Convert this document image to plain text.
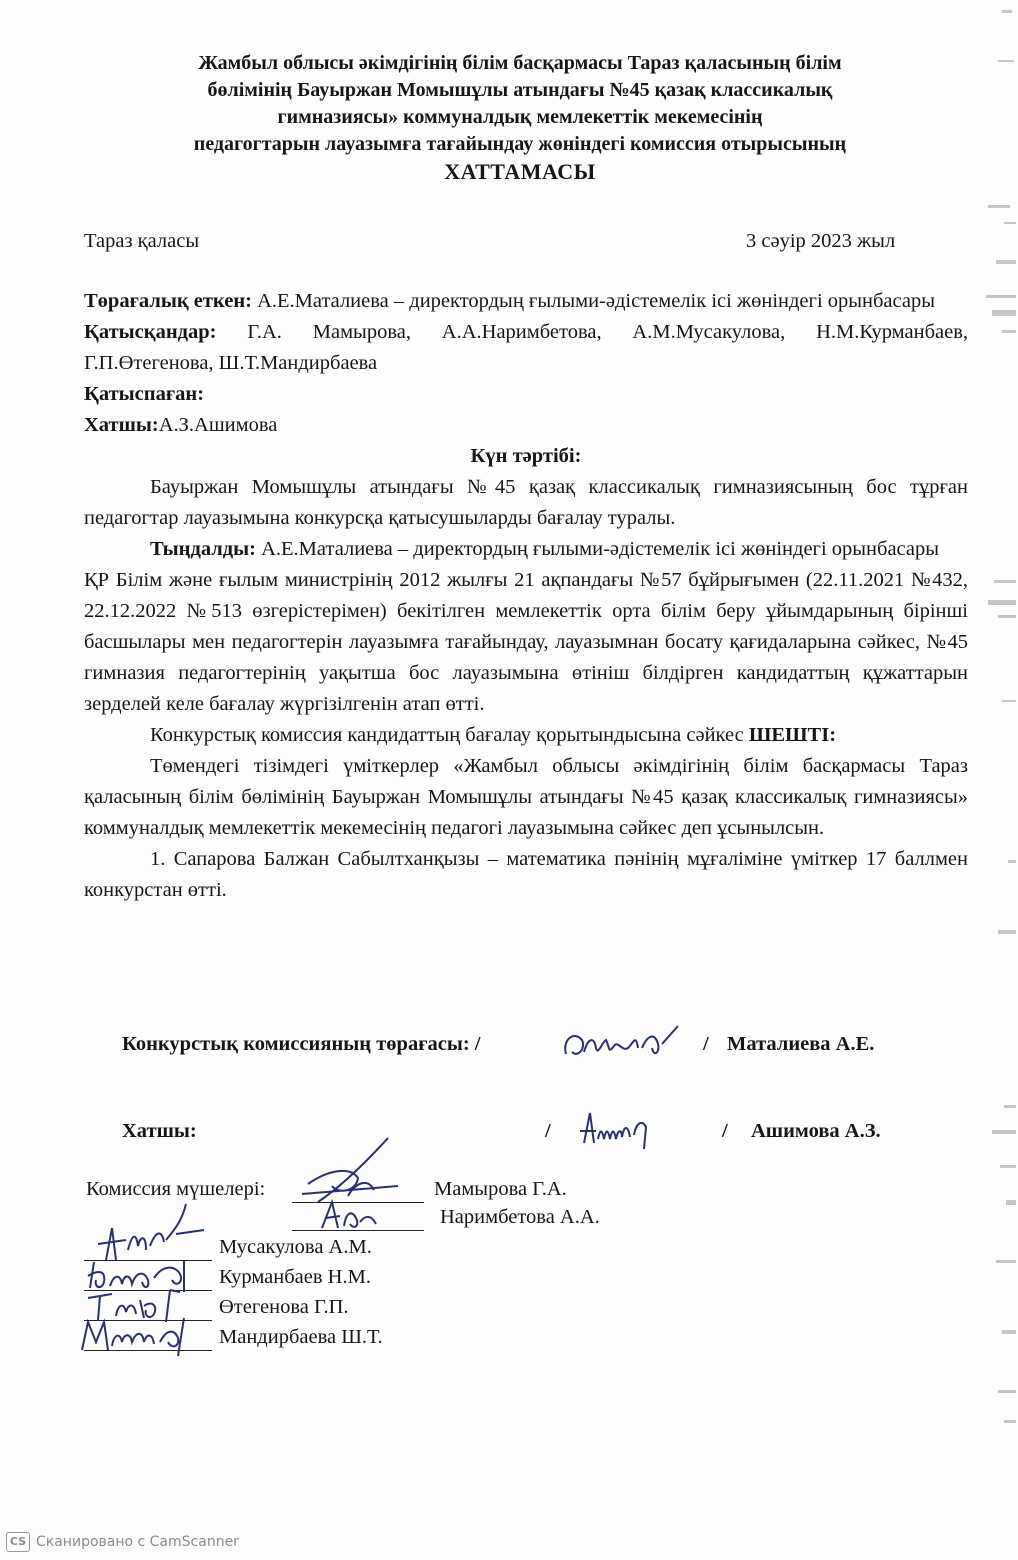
Жамбыл облысы әкімдігінің білім басқармасы Тараз қаласының білім
бөлімінің Бауыржан Момышұлы атындағы №45 қазақ классикалық
гимназиясы» коммуналдық мемлекеттік мекемесінің
педагогтарын лауазымға тағайындау жөніндегі комиссия отырысының
ХАТТАМАСЫ
Тараз қаласы	3 сәуір 2023 жыл

Төрағалық еткен: А.Е.Маталиева – директордың ғылыми-әдістемелік ісі жөніндегі орынбасары

Қатысқандар: Г.А. Мамырова, А.А.Наримбетова, А.М.Мусакулова, Н.М.Курманбаев, Г.П.Өтегенова, Ш.Т.Мандирбаева

Қатыспаған:

Хатшы:А.З.Ашимова

Күн тәртібі:

Бауыржан Момышұлы атындағы №45 қазақ классикалық гимназиясының бос тұрған педагогтар лауазымына конкурсқа қатысушыларды бағалау туралы.

Тыңдалды: А.Е.Маталиева – директордың ғылыми-әдістемелік ісі жөніндегі орынбасары

ҚР Білім және ғылым министрінің 2012 жылғы 21 ақпандағы №57 бұйрығымен (22.11.2021 №432, 22.12.2022 №513 өзгерістерімен) бекітілген мемлекеттік орта білім беру ұйымдарының бірінші басшылары мен педагогтерін лауазымға тағайындау, лауазымнан босату қағидаларына сәйкес, №45 гимназия педагогтерінің уақытша бос лауазымына өтініш білдірген кандидаттың құжаттарын зерделей келе бағалау жүргізілгенін атап өтті.

Конкурстық комиссия кандидаттың бағалау қорытындысына сәйкес ШЕШТІ:

Төмендегі тізімдегі үміткерлер «Жамбыл облысы әкімдігінің білім басқармасы Тараз қаласының білім бөлімінің Бауыржан Момышұлы атындағы №45 қазақ классикалық гимназиясы» коммуналдық мемлекеттік мекемесінің педагогі лауазымына сәйкес деп ұсынылсын.

1. Сапарова Балжан Сабылтханқызы – математика пәнінің мұғаліміне үміткер 17 баллмен конкурстан өтті.

Конкурстық комиссияның төрағасы: /	/ Маталиева А.Е.
Хатшы:	/	/ Ашимова А.З.
Комиссия мүшелері:	Мамырова Г.А.
Наримбетова А.А.
Мусакулова А.М.
Курманбаев Н.М.
Өтегенова Г.П.
Мандирбаева Ш.Т.
CS Сканировано с CamScanner
